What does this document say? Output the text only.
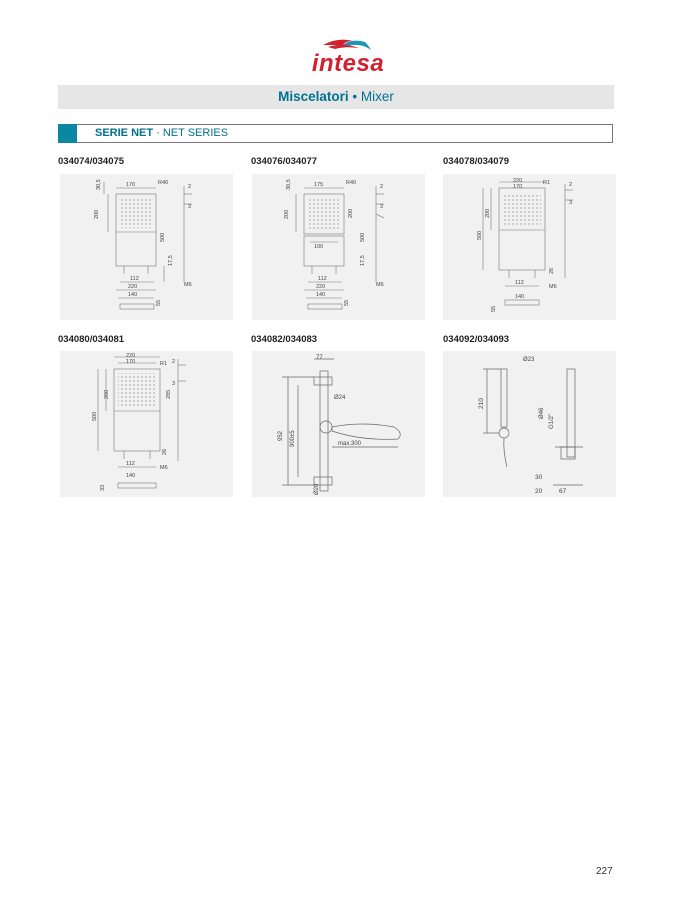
intesa
Miscelatori • Mixer
SERIE NET · NET SERIES
034074/034075	034076/034077	034078/034079
170
200
30,5	R40
500
2
3
17,5
M6
112
220
140
55
175
200
30,5	R40
200
500
2
3
17,5
100
M6
112
220
140
55
220
170
200
500
R1	2
3
26
M6
112
140
55
034080/034081	034082/034083	034092/034093
220
170
200
500
285
R1 2
3
26
M6
112
140
33
77
Ø24
952 900±5	max.300
Ø20
Ø23
210
Ø46
G1/2"
30
20	67
227
